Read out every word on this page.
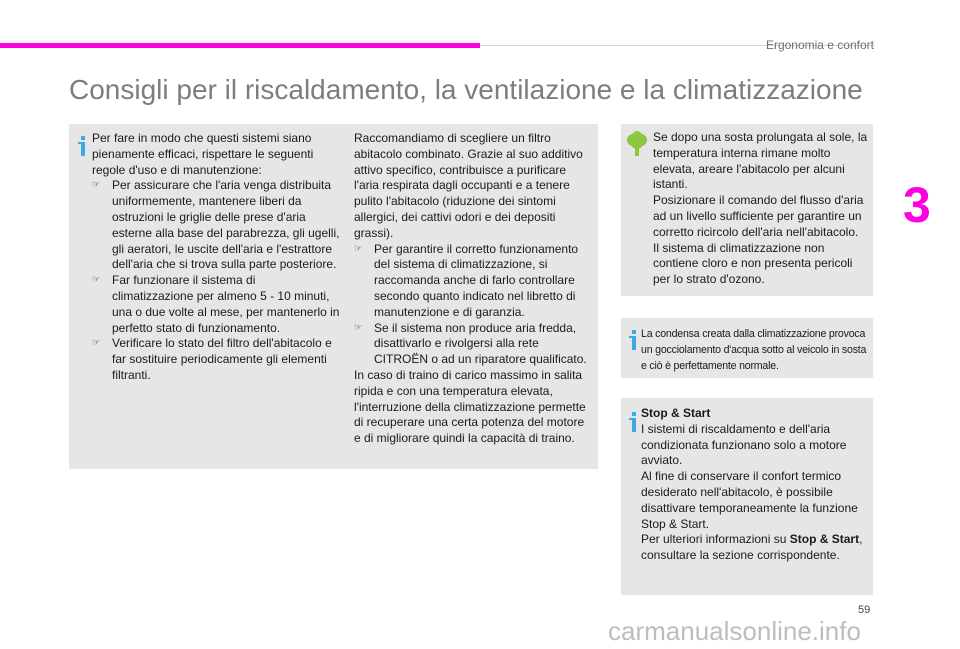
Ergonomia e confort
3
Consigli per il riscaldamento, la ventilazione e la climatizzazione

Per fare in modo che questi sistemi siano pienamente efficaci, rispettare le seguenti regole d'uso e di manutenzione:

☞ Per assicurare che l'aria venga distribuita uniformemente, mantenere liberi da ostruzioni le griglie delle prese d'aria esterne alla base del parabrezza, gli ugelli, gli aeratori, le uscite dell'aria e l'estrattore dell'aria che si trova sulla parte posteriore.
☞ Far funzionare il sistema di climatizzazione per almeno 5 - 10 minuti, una o due volte al mese, per mantenerlo in perfetto stato di funzionamento.
☞ Verificare lo stato del filtro dell'abitacolo e far sostituire periodicamente gli elementi filtranti.

Raccomandiamo di scegliere un filtro abitacolo combinato. Grazie al suo additivo attivo specifico, contribuisce a purificare l'aria respirata dagli occupanti e a tenere pulito l'abitacolo (riduzione dei sintomi allergici, dei cattivi odori e dei depositi grassi).

☞ Per garantire il corretto funzionamento del sistema di climatizzazione, si raccomanda anche di farlo controllare secondo quanto indicato nel libretto di manutenzione e di garanzia.
☞ Se il sistema non produce aria fredda, disattivarlo e rivolgersi alla rete CITROËN o ad un riparatore qualificato.

In caso di traino di carico massimo in salita ripida e con una temperatura elevata, l'interruzione della climatizzazione permette di recuperare una certa potenza del motore e di migliorare quindi la capacità di traino.

Se dopo una sosta prolungata al sole, la temperatura interna rimane molto elevata, areare l'abitacolo per alcuni istanti.

Posizionare il comando del flusso d'aria ad un livello sufficiente per garantire un corretto ricircolo dell'aria nell'abitacolo.

Il sistema di climatizzazione non contiene cloro e non presenta pericoli per lo strato d'ozono.

La condensa creata dalla climatizzazione provoca un gocciolamento d'acqua sotto al veicolo in sosta e ciò è perfettamente normale.

Stop & Start

I sistemi di riscaldamento e dell'aria condizionata funzionano solo a motore avviato.

Al fine di conservare il confort termico desiderato nell'abitacolo, è possibile disattivare temporaneamente la funzione Stop & Start.

Per ulteriori informazioni su Stop & Start, consultare la sezione corrispondente.

59
carmanualsonline.info
